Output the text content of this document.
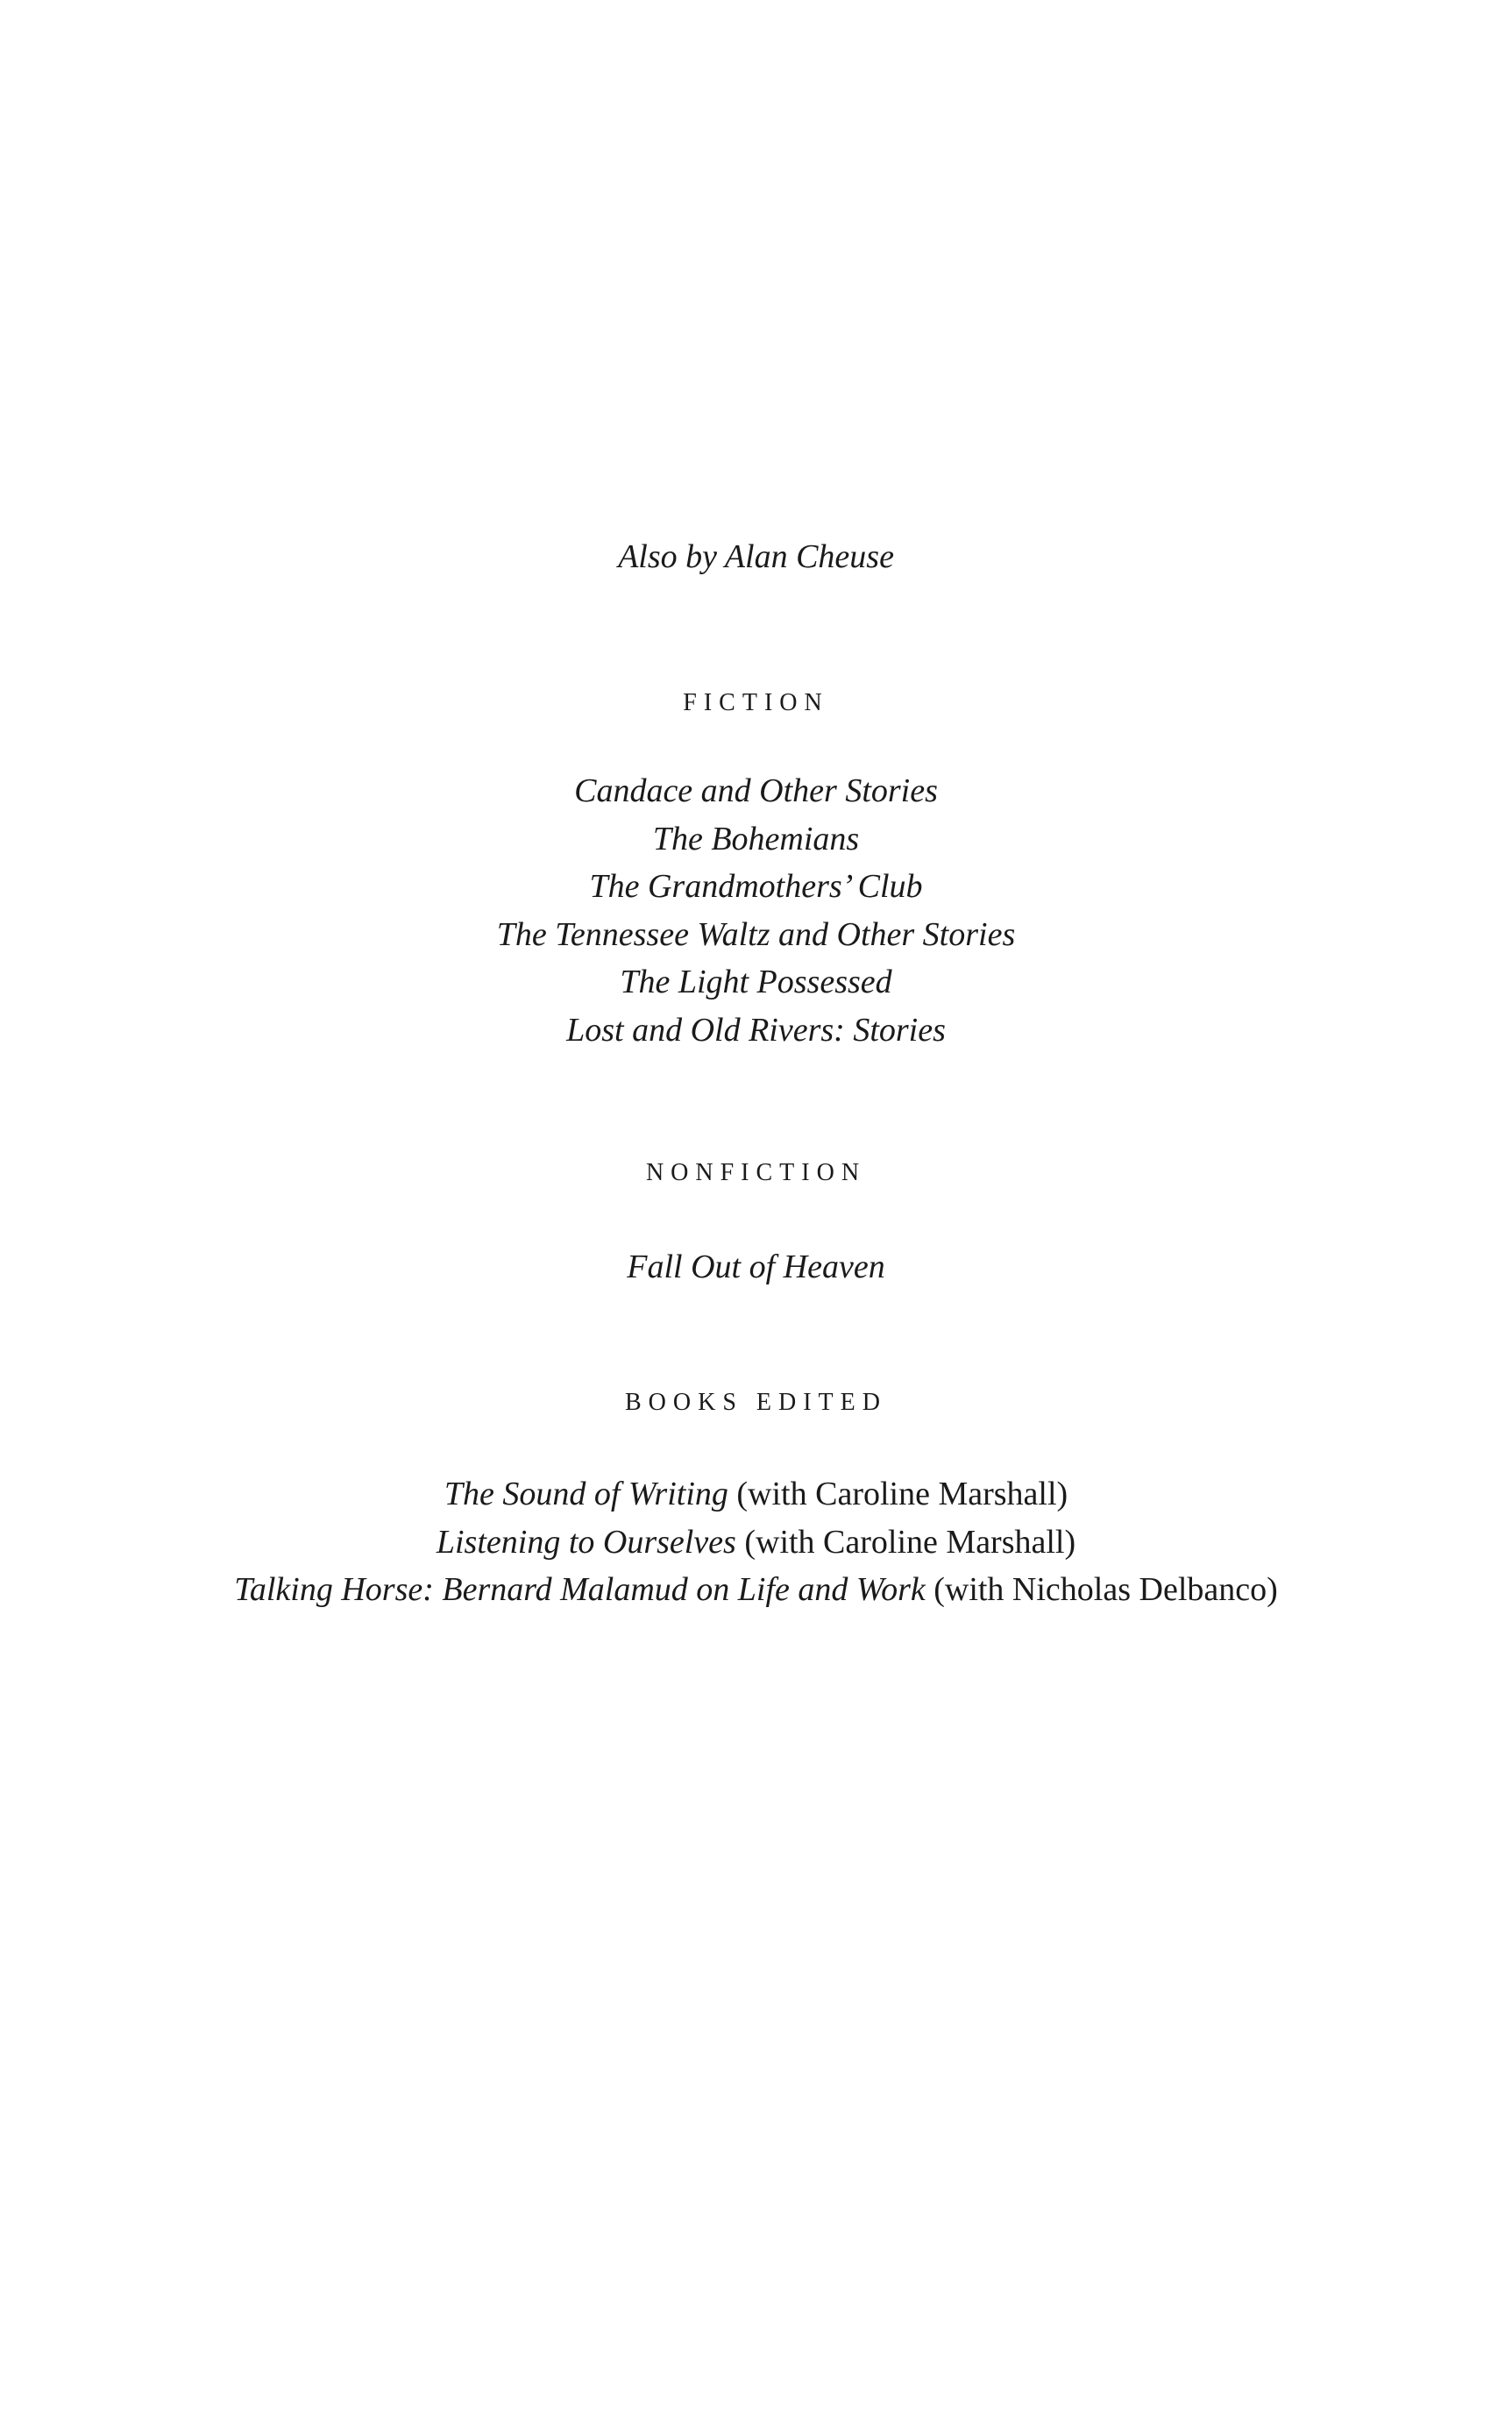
Also by Alan Cheuse
FICTION
Candace and Other Stories
The Bohemians
The Grandmothers’ Club
The Tennessee Waltz and Other Stories
The Light Possessed
Lost and Old Rivers: Stories
NONFICTION
Fall Out of Heaven
BOOKS EDITED
The Sound of Writing (with Caroline Marshall)
Listening to Ourselves (with Caroline Marshall)
Talking Horse: Bernard Malamud on Life and Work (with Nicholas Delbanco)
